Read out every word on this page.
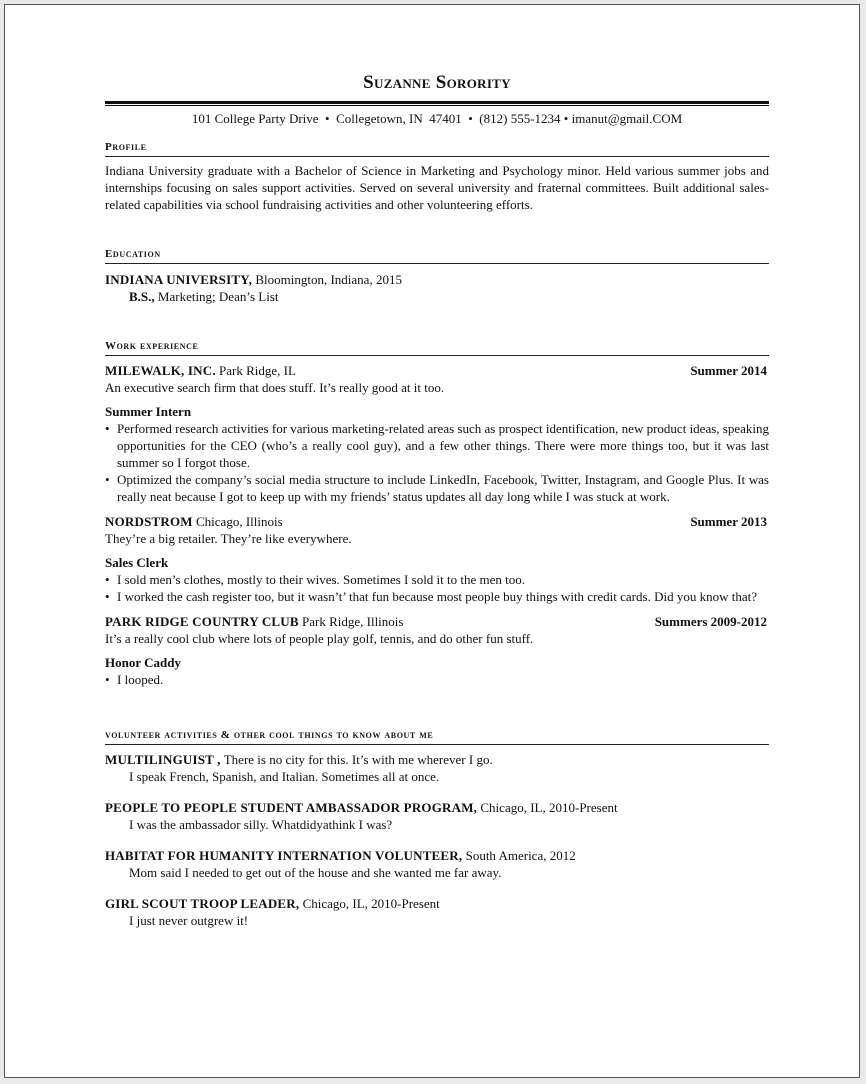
Suzanne Sorority
101 College Party Drive  •  Collegetown, IN  47401  •  (812) 555-1234 • imanut@gmail.COM
Profile
Indiana University graduate with a Bachelor of Science in Marketing and Psychology minor. Held various summer jobs and internships focusing on sales support activities. Served on several university and fraternal committees. Built additional sales-related capabilities via school fundraising activities and other volunteering efforts.
Education
INDIANA UNIVERSITY, Bloomington, Indiana, 2015
B.S., Marketing; Dean’s List
Work experience
MILEWALK, INC. Park Ridge, IL	Summer 2014
An executive search firm that does stuff. It’s really good at it too.
Summer Intern
• Performed research activities for various marketing-related areas such as prospect identification, new product ideas, speaking opportunities for the CEO (who’s a really cool guy), and a few other things. There were more things too, but it was last summer so I forgot those.
• Optimized the company’s social media structure to include LinkedIn, Facebook, Twitter, Instagram, and Google Plus. It was really neat because I got to keep up with my friends’ status updates all day long while I was stuck at work.
NORDSTROM Chicago, Illinois	Summer 2013
They’re a big retailer. They’re like everywhere.
Sales Clerk
• I sold men’s clothes, mostly to their wives. Sometimes I sold it to the men too.
• I worked the cash register too, but it wasn’t’ that fun because most people buy things with credit cards. Did you know that?
PARK RIDGE COUNTRY CLUB Park Ridge, Illinois	Summers 2009-2012
It’s a really cool club where lots of people play golf, tennis, and do other fun stuff.
Honor Caddy
• I looped.
volunteer activities & other cool things to know about me
MULTILINGUIST , There is no city for this. It’s with me wherever I go.
I speak French, Spanish, and Italian. Sometimes all at once.
PEOPLE TO PEOPLE STUDENT AMBASSADOR PROGRAM, Chicago, IL, 2010-Present
I was the ambassador silly. Whatdidyathink I was?
HABITAT FOR HUMANITY INTERNATION VOLUNTEER, South America, 2012
Mom said I needed to get out of the house and she wanted me far away.
GIRL SCOUT TROOP LEADER, Chicago, IL, 2010-Present
I just never outgrew it!
